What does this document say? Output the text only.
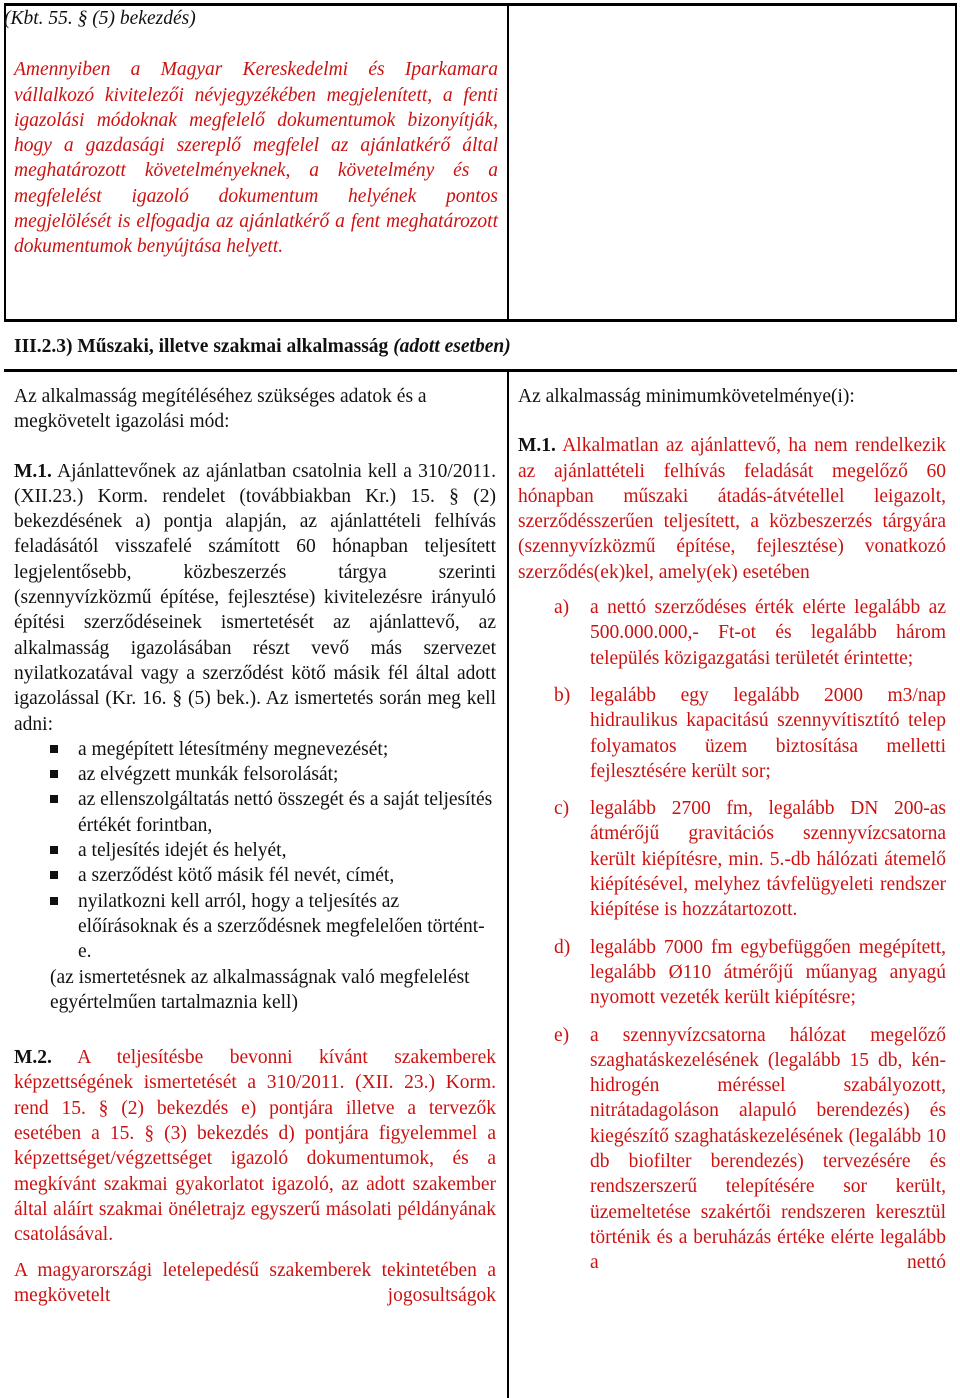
(Kbt. 55. § (5) bekezdés)
Amennyiben a Magyar Kereskedelmi és Iparkamara vállalkozó kivitelezői névjegyzékében megjelenített, a fenti igazolási módoknak megfelelő dokumentumok bizonyítják, hogy a gazdasági szereplő megfelel az ajánlatkérő által meghatározott követelményeknek, a követelmény és a megfelelést igazoló dokumentum helyének pontos megjelölését is elfogadja az ajánlatkérő a fent meghatározott dokumentumok benyújtása helyett.
III.2.3) Műszaki, illetve szakmai alkalmasság (adott esetben)
Az alkalmasság megítéléséhez szükséges adatok és a megkövetelt igazolási mód:
M.1. Ajánlattevőnek az ajánlatban csatolnia kell a 310/2011. (XII.23.) Korm. rendelet (továbbiakban Kr.) 15. § (2) bekezdésének a) pontja alapján, az ajánlattételi felhívás feladásától visszafelé számított 60 hónapban teljesített legjelentősebb, közbeszerzés tárgya szerinti (szennyvízközmű építése, fejlesztése) kivitelezésre irányuló építési szerződéseinek ismertetését az ajánlattevő, az alkalmasság igazolásában részt vevő más szervezet nyilatkozatával vagy a szerződést kötő másik fél által adott igazolással (Kr. 16. § (5) bek.). Az ismertetés során meg kell adni:
a megépített létesítmény megnevezését;
az elvégzett munkák felsorolását;
az ellenszolgáltatás nettó összegét és a saját teljesítés értékét forintban,
a teljesítés idejét és helyét,
a szerződést kötő másik fél nevét, címét,
nyilatkozni kell arról, hogy a teljesítés az előírásoknak és a szerződésnek megfelelően történt-e.
(az ismertetésnek az alkalmasságnak való megfelelést egyértelműen tartalmaznia kell)
M.2. A teljesítésbe bevonni kívánt szakemberek képzettségének ismertetését a 310/2011. (XII. 23.) Korm. rend 15. § (2) bekezdés e) pontjára illetve a tervezők esetében a 15. § (3) bekezdés d) pontjára figyelemmel a képzettséget/végzettséget igazoló dokumentumok, és a megkívánt szakmai gyakorlatot igazoló, az adott szakember által aláírt szakmai önéletrajz egyszerű másolati példányának csatolásával.
A magyarországi letelepedésű szakemberek tekintetében a megkövetelt jogosultságok
Az alkalmasság minimumkövetelménye(i):
M.1. Alkalmatlan az ajánlattevő, ha nem rendelkezik az ajánlattételi felhívás feladását megelőző 60 hónapban műszaki átadás-átvétellel leigazolt, szerződésszerűen teljesített, a közbeszerzés tárgyára (szennyvízközmű építése, fejlesztése) vonatkozó szerződés(ek)kel, amely(ek) esetében
a) a nettó szerződéses érték elérte legalább az 500.000.000,- Ft-ot és legalább három település közigazgatási területét érintette;
b) legalább egy legalább 2000 m3/nap hidraulikus kapacitású szennyvítisztító telep folyamatos üzem biztosítása melletti fejlesztésére került sor;
c) legalább 2700 fm, legalább DN 200-as átmérőjű gravitációs szennyvízcsatorna került kiépítésre, min. 5.-db hálózati átemelő kiépítésével, melyhez távfelügyeleti rendszer kiépítése is hozzátartozott.
d) legalább 7000 fm egybefüggően megépített, legalább Ø110 átmérőjű műanyag anyagú nyomott vezeték került kiépítésre;
e) a szennyvízcsatorna hálózat megelőző szaghatáskezelésének (legalább 15 db, kén-hidrogén méréssel szabályozott, nitrátadagoláson alapuló berendezés) és kiegészítő szaghatáskezelésének (legalább 10 db biofilter berendezés) tervezésére és rendszerszerű telepítésére sor került, üzemeltetése szakértői rendszeren keresztül történik és a beruházás értéke elérte legalább a nettó
